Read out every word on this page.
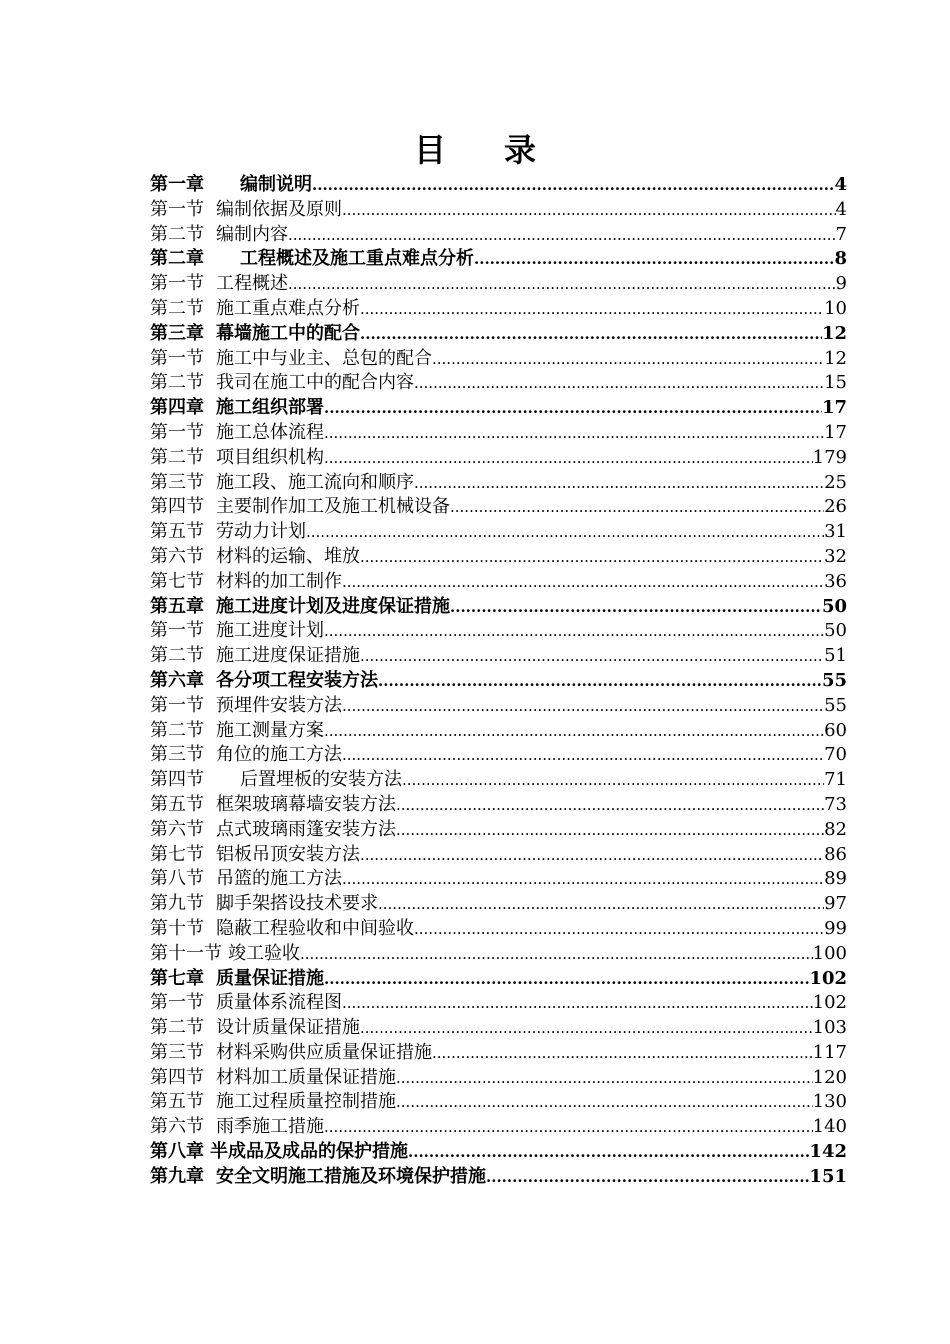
目 录
第一章 编制说明 .....	4
第一节 编制依据及原则 .....	4
第二节 编制内容 .....	7
第二章 工程概述及施工重点难点分析 .....	8
第一节 工程概述 .....	9
第二节 施工重点难点分析 .....	10
第三章 幕墙施工中的配合 .....	12
第一节 施工中与业主、总包的配合 .....	12
第二节 我司在施工中的配合内容 .....	15
第四章 施工组织部署 .....	17
第一节 施工总体流程 .....	17
第二节 项目组织机构 .....	179
第三节 施工段、施工流向和顺序 .....	25
第四节 主要制作加工及施工机械设备 .....	26
第五节 劳动力计划 .....	31
第六节 材料的运输、堆放 .....	32
第七节 材料的加工制作 .....	36
第五章 施工进度计划及进度保证措施 .....	50
第一节 施工进度计划 .....	50
第二节 施工进度保证措施 .....	51
第六章 各分项工程安装方法 .....	55
第一节 预埋件安装方法 .....	55
第二节 施工测量方案 .....	60
第三节 角位的施工方法 .....	70
第四节 后置埋板的安装方法 .....	71
第五节 框架玻璃幕墙安装方法 .....	73
第六节 点式玻璃雨篷安装方法 .....	82
第七节 铝板吊顶安装方法 .....	86
第八节 吊篮的施工方法 .....	89
第九节 脚手架搭设技术要求 .....	97
第十节 隐蔽工程验收和中间验收 .....	99
第十一节 竣工验收 .....	100
第七章 质量保证措施 .....	102
第一节 质量体系流程图 .....	102
第二节 设计质量保证措施 .....	103
第三节 材料采购供应质量保证措施 .....	117
第四节 材料加工质量保证措施 .....	120
第五节 施工过程质量控制措施 .....	130
第六节 雨季施工措施 .....	140
第八章 半成品及成品的保护措施 .....	142
第九章 安全文明施工措施及环境保护措施 .....	151
